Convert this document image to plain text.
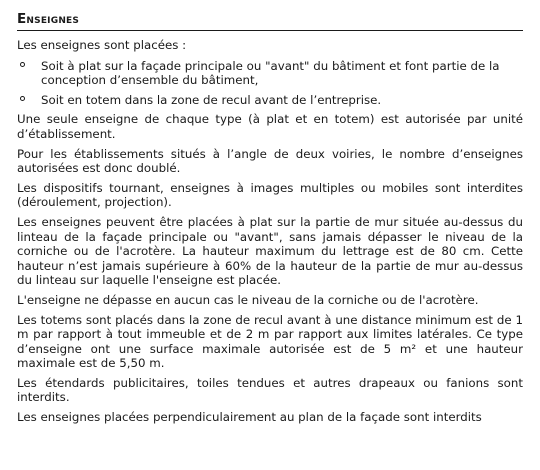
Enseignes

Les enseignes sont placées :

Soit à plat sur la façade principale ou "avant" du bâtiment et font partie de la conception d’ensemble du bâtiment,
Soit en totem dans la zone de recul avant de l’entreprise.

Une seule enseigne de chaque type (à plat et en totem) est autorisée par unité d’établissement.

Pour les établissements situés à l’angle de deux voiries, le nombre d’enseignes autorisées est donc doublé.

Les dispositifs tournant, enseignes à images multiples ou mobiles sont interdites (déroulement, projection).

Les enseignes peuvent être placées à plat sur la partie de mur située au-dessus du linteau de la façade principale ou "avant", sans jamais dépasser le niveau de la corniche ou de l'acrotère. La hauteur maximum du lettrage est de 80 cm. Cette hauteur n’est jamais supérieure à 60% de la hauteur de la partie de mur au-dessus du linteau sur laquelle l'enseigne est placée.

L'enseigne ne dépasse en aucun cas le niveau de la corniche ou de l'acrotère.

Les totems sont placés dans la zone de recul avant à une distance minimum est de 1 m par rapport à tout immeuble et de 2 m par rapport aux limites latérales. Ce type d’enseigne ont une surface maximale autorisée est de 5 m² et une hauteur maximale est de 5,50 m.

Les étendards publicitaires, toiles tendues et autres drapeaux ou fanions sont interdits.

Les enseignes placées perpendiculairement au plan de la façade sont interdits
